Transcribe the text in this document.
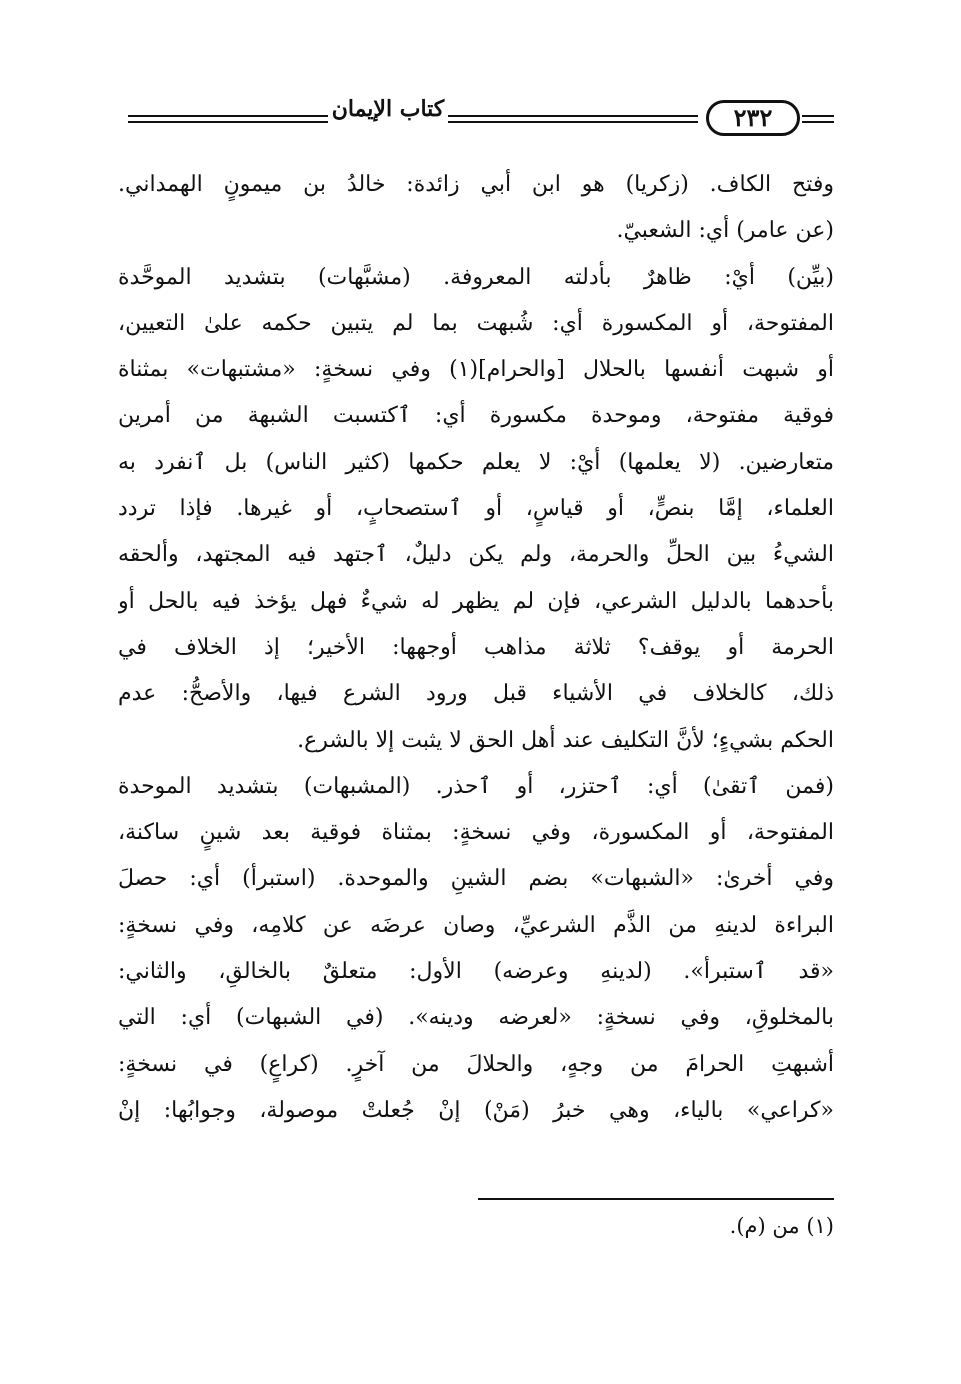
كتاب الإيمان	٢٣٢
وفتح الكاف. (زكريا) هو ابن أبي زائدة: خالدُ بن ميمونٍ الهمداني.
(عن عامر) أي: الشعبيّ.
(بيِّن) أيْ: ظاهرٌ بأدلته المعروفة. (مشبَّهات) بتشديد الموحَّدة
المفتوحة، أو المكسورة أي: شُبهت بما لم يتبين حكمه علىٰ التعيين،
أو شبهت أنفسها بالحلال [والحرام](١) وفي نسخةٍ: «مشتبهات» بمثناة
فوقية مفتوحة، وموحدة مكسورة أي: ٱكتسبت الشبهة من أمرين
متعارضين. (لا يعلمها) أيْ: لا يعلم حكمها (كثير الناس) بل ٱنفرد به
العلماء، إمَّا بنصٍّ، أو قياسٍ، أو ٱستصحابٍ، أو غيرها. فإذا تردد
الشيءُ بين الحلِّ والحرمة، ولم يكن دليلٌ، ٱجتهد فيه المجتهد، وألحقه
بأحدهما بالدليل الشرعي، فإن لم يظهر له شيءٌ فهل يؤخذ فيه بالحل أو
الحرمة أو يوقف؟ ثلاثة مذاهب أوجهها: الأخير؛ إذ الخلاف في
ذلك، كالخلاف في الأشياء قبل ورود الشرع فيها، والأصحُّ: عدم
الحكم بشيءٍ؛ لأنَّ التكليف عند أهل الحق لا يثبت إلا بالشرع.
(فمن ٱتقىٰ) أي: ٱحتزر، أو ٱحذر. (المشبهات) بتشديد الموحدة
المفتوحة، أو المكسورة، وفي نسخةٍ: بمثناة فوقية بعد شينٍ ساكنة،
وفي أخرىٰ: «الشبهات» بضم الشينِ والموحدة. (استبرأ) أي: حصلَ
البراءة لدينهِ من الذَّم الشرعيِّ، وصان عرضَه عن كلامِه، وفي نسخةٍ:
«قد ٱستبرأ». (لدينهِ وعرضه) الأول: متعلقٌ بالخالقِ، والثاني:
بالمخلوقِ، وفي نسخةٍ: «لعرضه ودينه». (في الشبهات) أي: التي
أشبهتِ الحرامَ من وجهٍ، والحلالَ من آخرٍ. (كراعٍ) في نسخةٍ:
«كراعي» بالياء، وهي خبرُ (مَنْ) إنْ جُعلتْ موصولة، وجوابُها: إنْ
(١) من (م).
